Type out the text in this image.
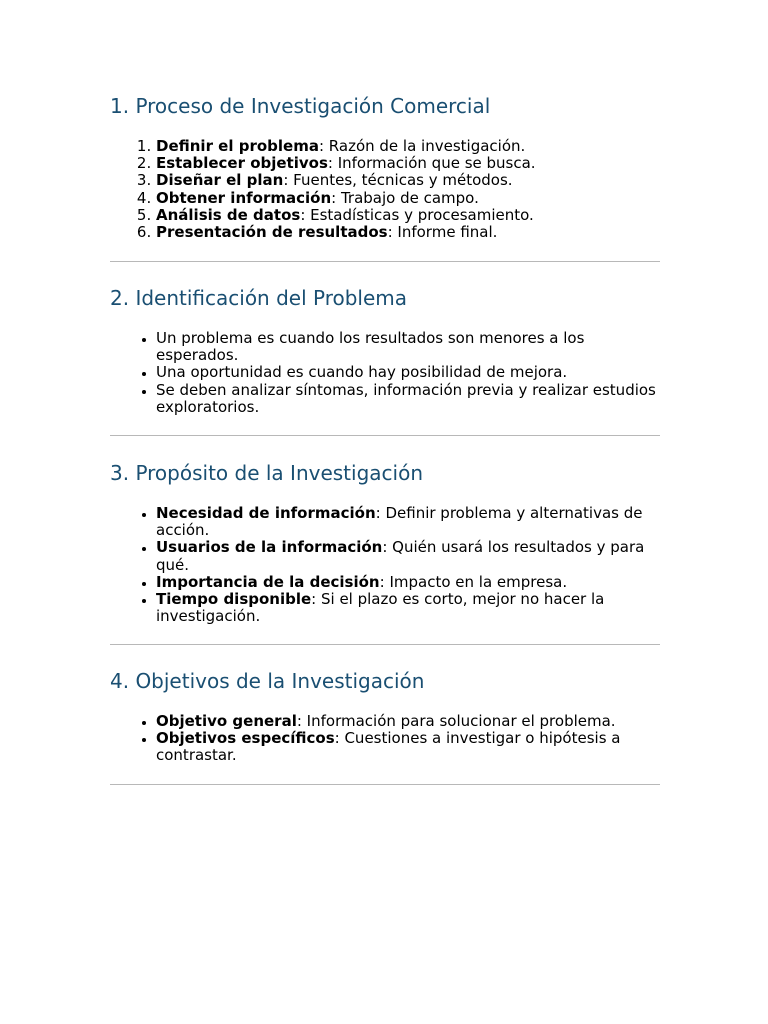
1. Proceso de Investigación Comercial
1. Definir el problema: Razón de la investigación.
2. Establecer objetivos: Información que se busca.
3. Diseñar el plan: Fuentes, técnicas y métodos.
4. Obtener información: Trabajo de campo.
5. Análisis de datos: Estadísticas y procesamiento.
6. Presentación de resultados: Informe final.
2. Identificación del Problema
• Un problema es cuando los resultados son menores a los esperados.
• Una oportunidad es cuando hay posibilidad de mejora.
• Se deben analizar síntomas, información previa y realizar estudios exploratorios.
3. Propósito de la Investigación
• Necesidad de información: Definir problema y alternativas de acción.
• Usuarios de la información: Quién usará los resultados y para qué.
• Importancia de la decisión: Impacto en la empresa.
• Tiempo disponible: Si el plazo es corto, mejor no hacer la investigación.
4. Objetivos de la Investigación
• Objetivo general: Información para solucionar el problema.
• Objetivos específicos: Cuestiones a investigar o hipótesis a contrastar.
